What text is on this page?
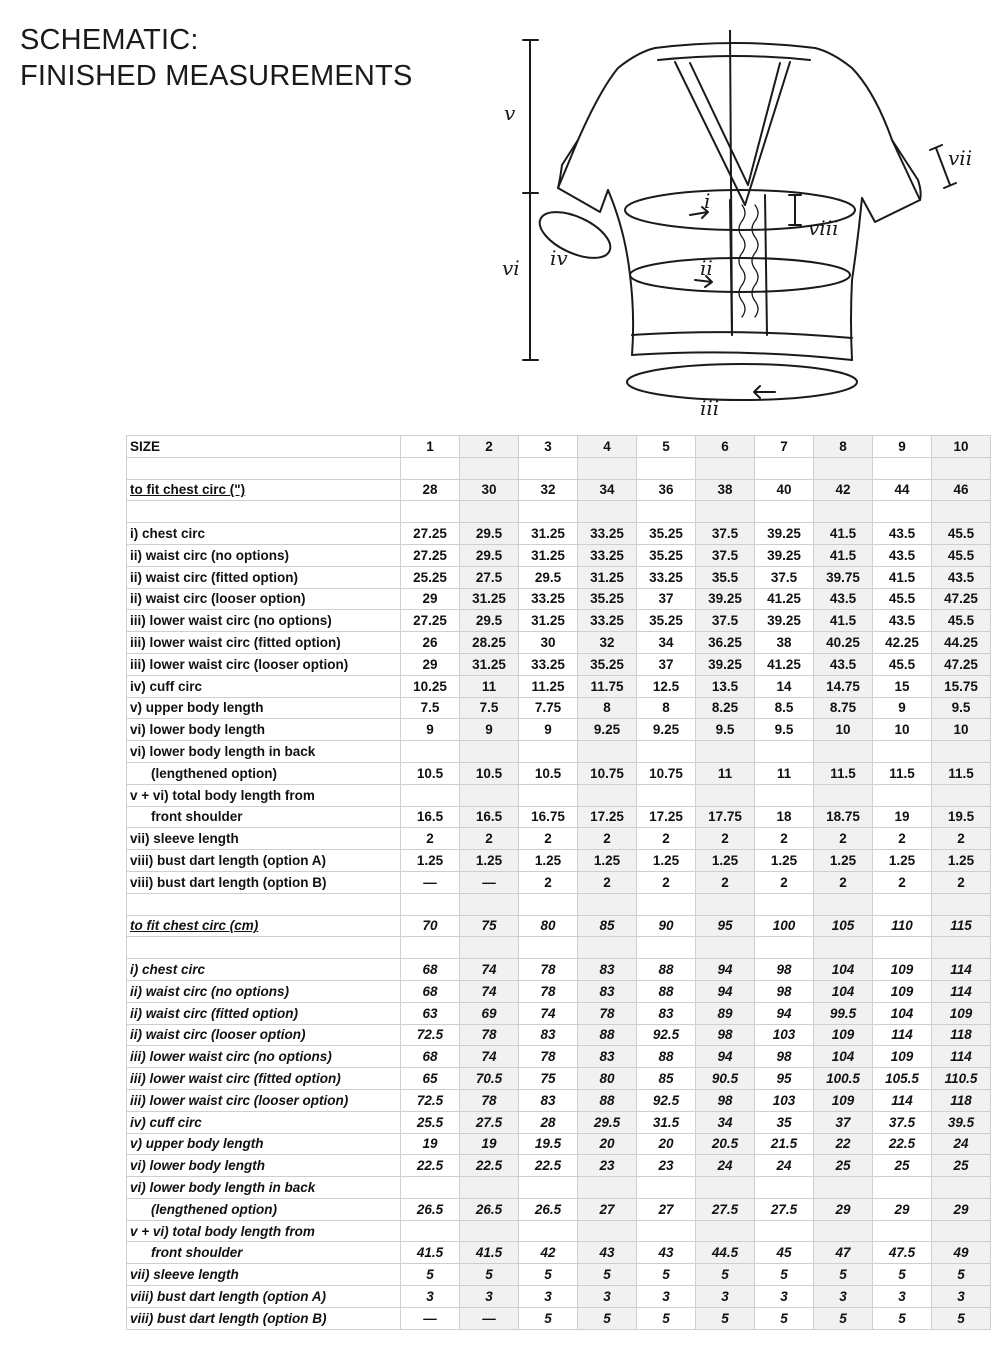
SCHEMATIC:
FINISHED MEASUREMENTS
v
vi iv
i
ii
iii
viii
vii
SIZE	1	2	3	4	5	6	7	8	9	10

to fit chest circ (")	28	30	32	34	36	38	40	42	44	46

i) chest circ	27.25	29.5	31.25	33.25	35.25	37.5	39.25	41.5	43.5	45.5
ii) waist circ (no options)	27.25	29.5	31.25	33.25	35.25	37.5	39.25	41.5	43.5	45.5
ii) waist circ (fitted option)	25.25	27.5	29.5	31.25	33.25	35.5	37.5	39.75	41.5	43.5
ii) waist circ (looser option)	29	31.25	33.25	35.25	37	39.25	41.25	43.5	45.5	47.25
iii) lower waist circ (no options)	27.25	29.5	31.25	33.25	35.25	37.5	39.25	41.5	43.5	45.5
iii) lower waist circ (fitted option)	26	28.25	30	32	34	36.25	38	40.25	42.25	44.25
iii) lower waist circ (looser option)	29	31.25	33.25	35.25	37	39.25	41.25	43.5	45.5	47.25
iv) cuff circ	10.25	11	11.25	11.75	12.5	13.5	14	14.75	15	15.75
v) upper body length	7.5	7.5	7.75	8	8	8.25	8.5	8.75	9	9.5
vi) lower body length	9	9	9	9.25	9.25	9.5	9.5	10	10	10
vi) lower body length in back										
(lengthened option)	10.5	10.5	10.5	10.75	10.75	11	11	11.5	11.5	11.5
v + vi) total body length from										
front shoulder	16.5	16.5	16.75	17.25	17.25	17.75	18	18.75	19	19.5
vii) sleeve length	2	2	2	2	2	2	2	2	2	2
viii) bust dart length (option A)	1.25	1.25	1.25	1.25	1.25	1.25	1.25	1.25	1.25	1.25
viii) bust dart length (option B)	—	—	2	2	2	2	2	2	2	2

to fit chest circ (cm)	70	75	80	85	90	95	100	105	110	115

i) chest circ	68	74	78	83	88	94	98	104	109	114
ii) waist circ (no options)	68	74	78	83	88	94	98	104	109	114
ii) waist circ (fitted option)	63	69	74	78	83	89	94	99.5	104	109
ii) waist circ (looser option)	72.5	78	83	88	92.5	98	103	109	114	118
iii) lower waist circ (no options)	68	74	78	83	88	94	98	104	109	114
iii) lower waist circ (fitted option)	65	70.5	75	80	85	90.5	95	100.5	105.5	110.5
iii) lower waist circ (looser option)	72.5	78	83	88	92.5	98	103	109	114	118
iv) cuff circ	25.5	27.5	28	29.5	31.5	34	35	37	37.5	39.5
v) upper body length	19	19	19.5	20	20	20.5	21.5	22	22.5	24
vi) lower body length	22.5	22.5	22.5	23	23	24	24	25	25	25
vi) lower body length in back										
(lengthened option)	26.5	26.5	26.5	27	27	27.5	27.5	29	29	29
v + vi) total body length from										
front shoulder	41.5	41.5	42	43	43	44.5	45	47	47.5	49
vii) sleeve length	5	5	5	5	5	5	5	5	5	5
viii) bust dart length (option A)	3	3	3	3	3	3	3	3	3	3
viii) bust dart length (option B)	—	—	5	5	5	5	5	5	5	5
